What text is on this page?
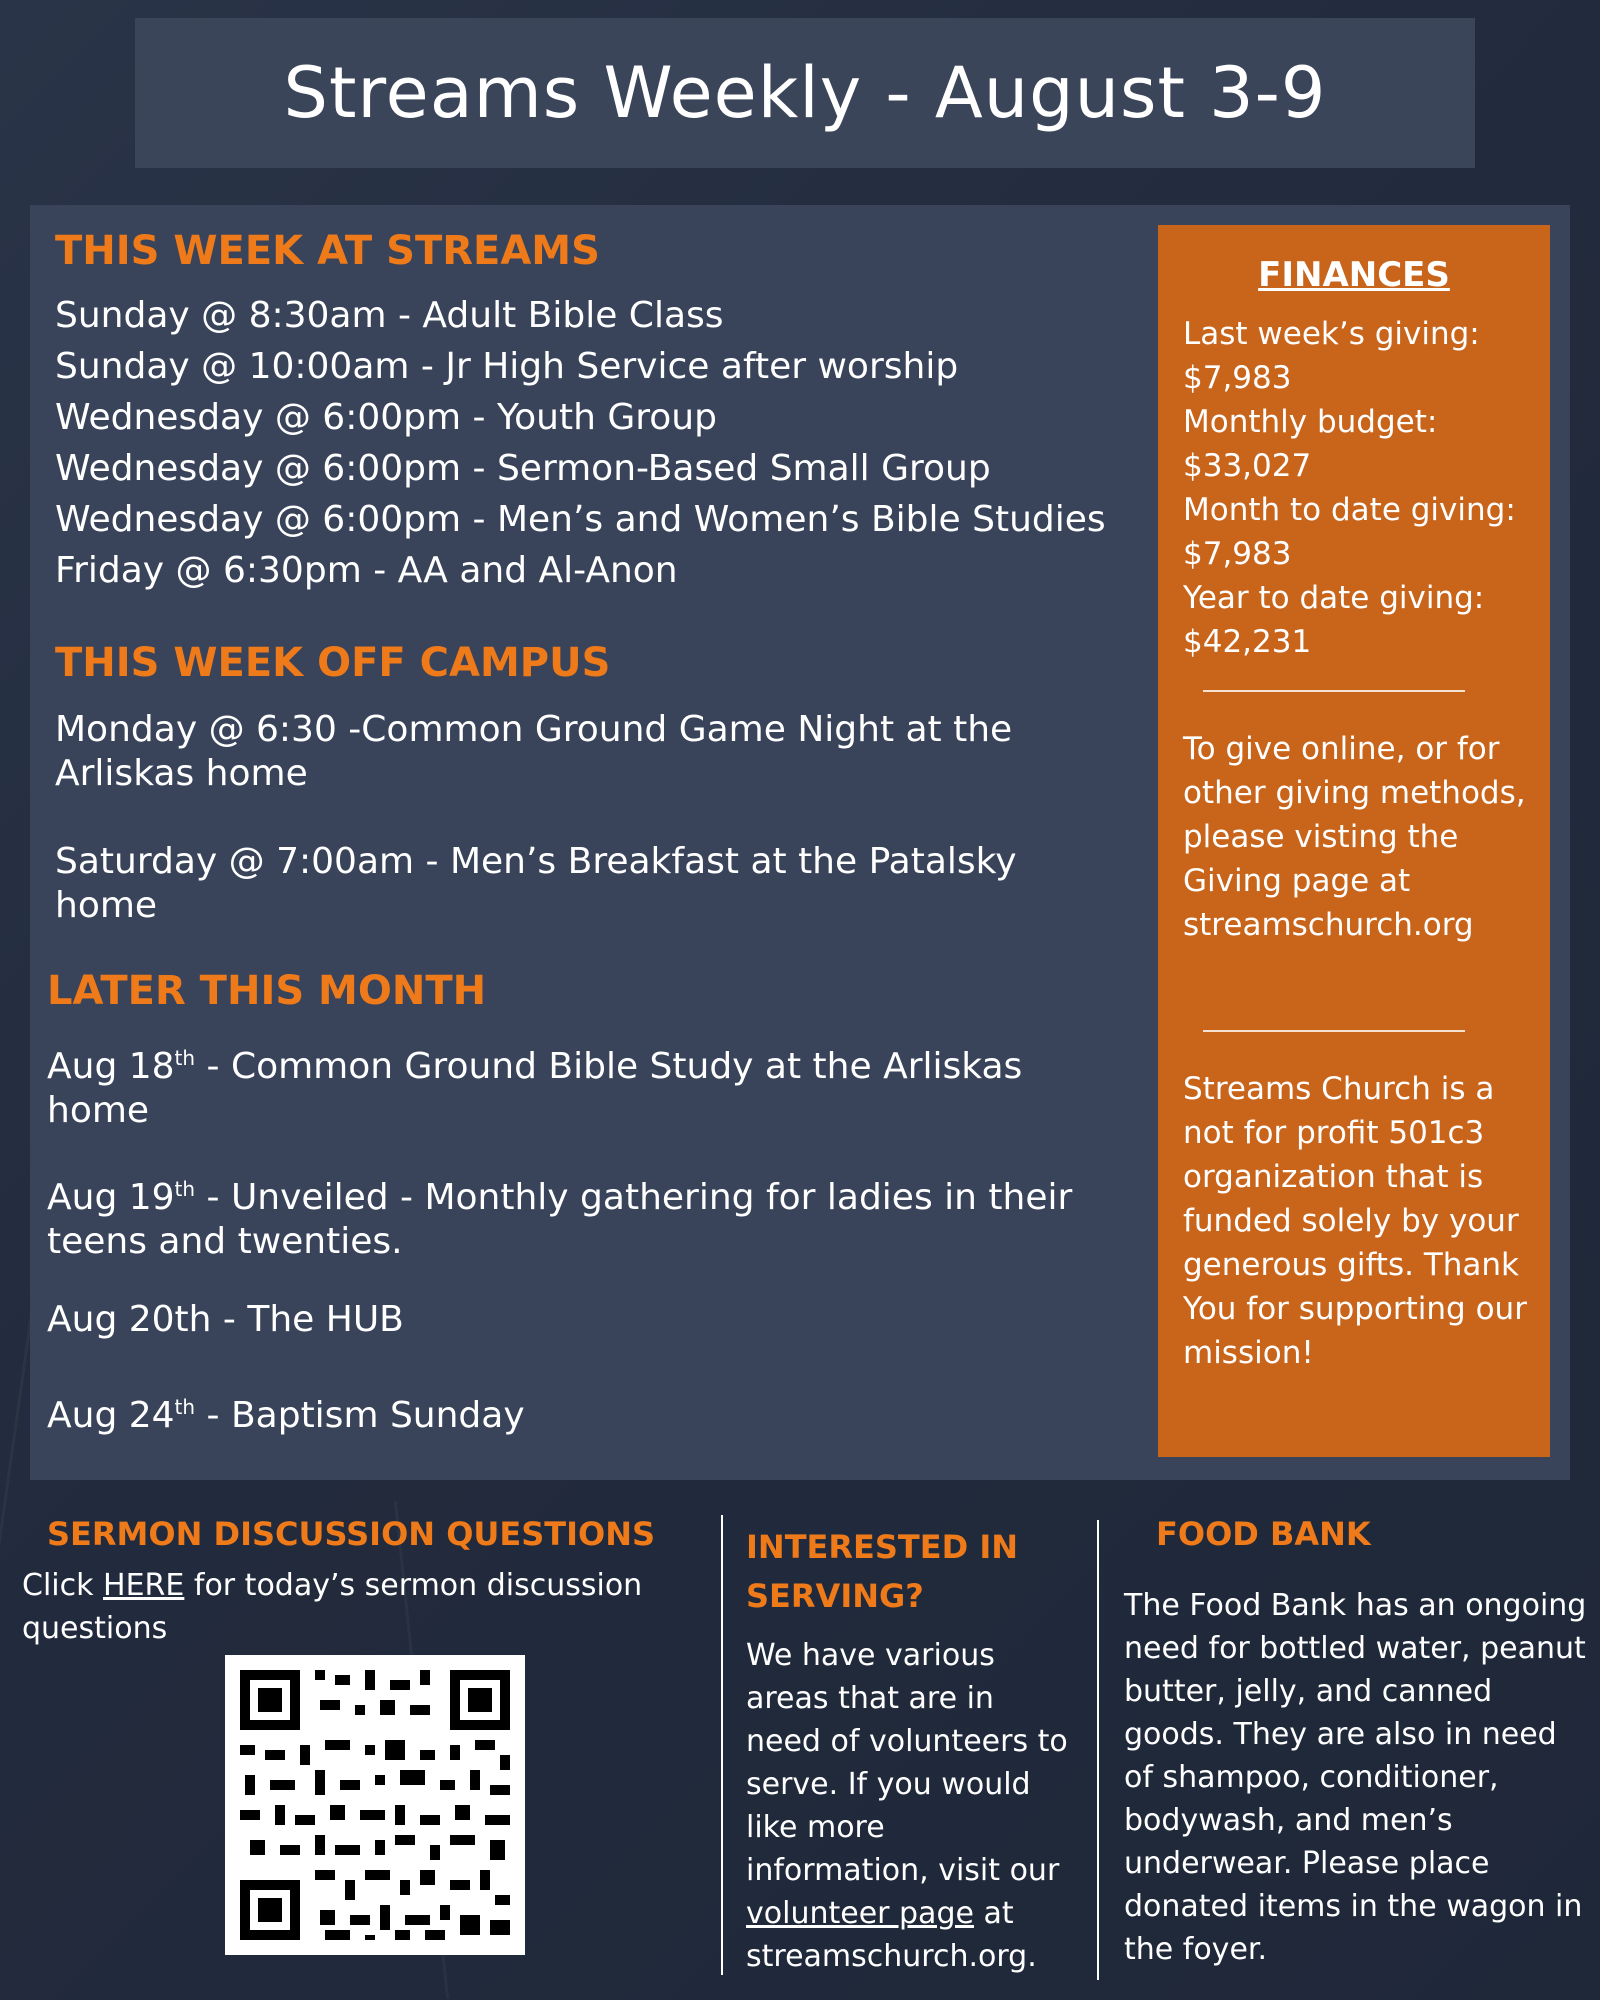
Streams Weekly - August 3-9
THIS WEEK AT STREAMS

Sunday @ 8:30am - Adult Bible Class

Sunday @ 10:00am - Jr High Service after worship

Wednesday @ 6:00pm - Youth Group

Wednesday @ 6:00pm - Sermon-Based Small Group

Wednesday @ 6:00pm - Men’s and Women’s Bible Studies

Friday @ 6:30pm - AA and Al-Anon

THIS WEEK OFF CAMPUS

Monday @ 6:30 -Common Ground Game Night at the Arliskas home

Saturday @ 7:00am - Men’s Breakfast at the Patalsky home

LATER THIS MONTH

Aug 18th - Common Ground Bible Study at the Arliskas home

Aug 19th - Unveiled - Monthly gathering for ladies in their teens and twenties.

Aug 20th - The HUB

Aug 24th - Baptism Sunday

FINANCES

Last week’s giving:

$7,983

Monthly budget:

$33,027

Month to date giving:

$7,983

Year to date giving:

$42,231

To give online, or for other giving methods, please visting the Giving page at streamschurch.org

Streams Church is a not for profit 501c3 organization that is funded solely by your generous gifts. Thank You for supporting our mission!

SERMON DISCUSSION QUESTIONS

Click HERE for today’s sermon discussion questions

INTERESTED IN SERVING?

We have various areas that are in need of volunteers to serve. If you would like more information, visit our volunteer page at streamschurch.org.

FOOD BANK

The Food Bank has an ongoing need for bottled water, peanut butter, jelly, and canned goods. They are also in need of shampoo, conditioner, bodywash, and men’s underwear. Please place donated items in the wagon in the foyer.
